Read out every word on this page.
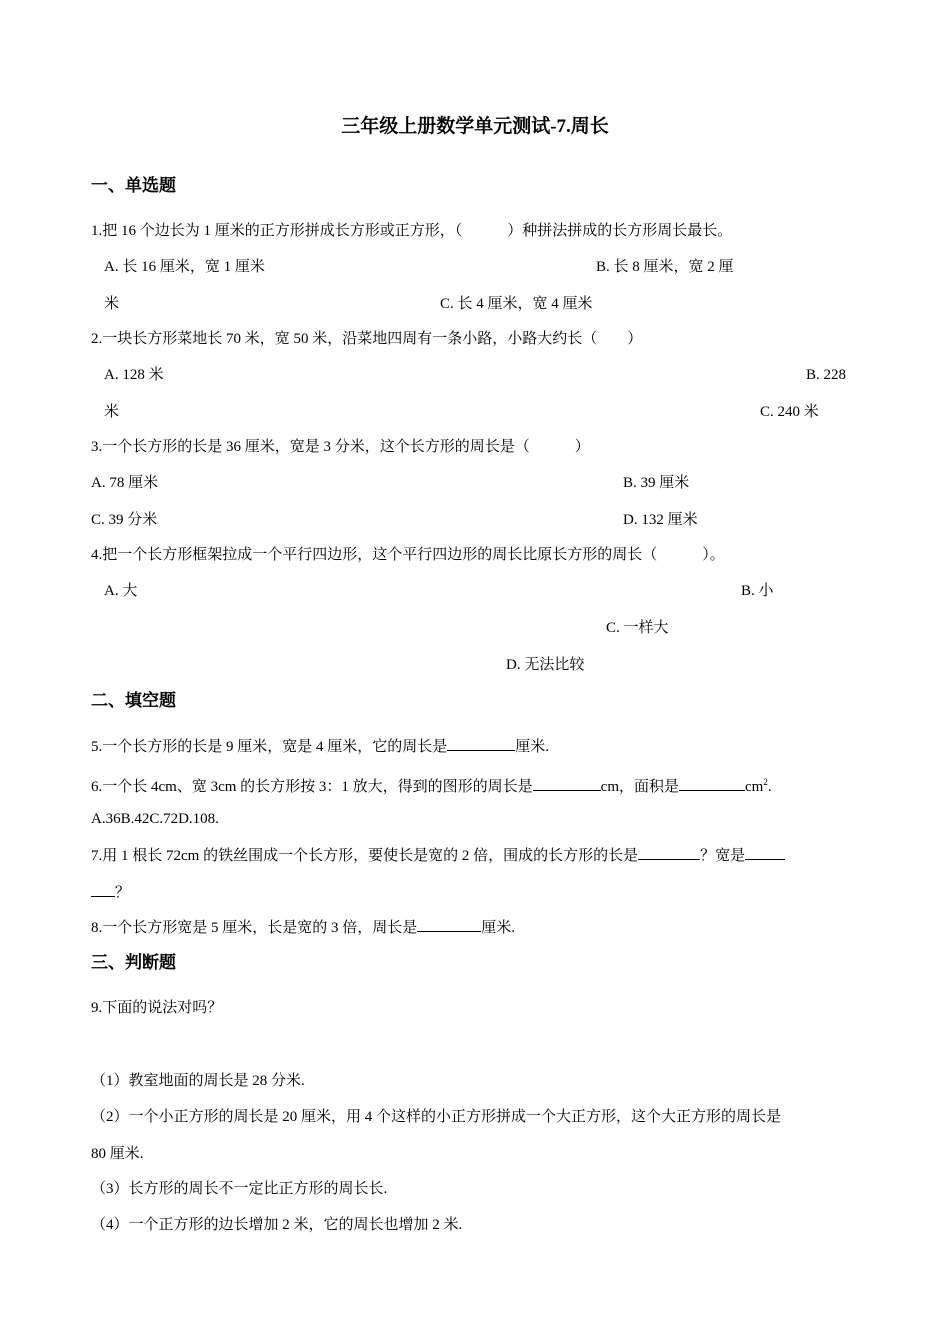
三年级上册数学单元测试-7.周长
一、单选题
1.把 16 个边长为 1 厘米的正方形拼成长方形或正方形，（　　　）种拼法拼成的长方形周长最长。
A. 长 16 厘米，宽 1 厘米	B. 长 8 厘米，宽 2 厘
米	C. 长 4 厘米，宽 4 厘米
2.一块长方形菜地长 70 米，宽 50 米，沿菜地四周有一条小路，小路大约长（　　）
A. 128 米	B. 228
米	C. 240 米
3.一个长方形的长是 36 厘米，宽是 3 分米，这个长方形的周长是（　　　）
A. 78 厘米	B. 39 厘米
C. 39 分米	D. 132 厘米
4.把一个长方形框架拉成一个平行四边形，这个平行四边形的周长比原长方形的周长（　　　）。
A. 大	B. 小
C. 一样大
D. 无法比较
二、填空题
5.一个长方形的长是 9 厘米，宽是 4 厘米，它的周长是	厘米.
6.一个长 4cm、宽 3cm 的长方形按 3：1 放大，得到的图形的周长是	cm，面积是	$cm^2$.
A.36B.42C.72D.108.
7.用 1 根长 72cm 的铁丝围成一个长方形，要使长是宽的 2 倍，围成的长方形的长是	？宽是
？
8.一个长方形宽是 5 厘米，长是宽的 3 倍，周长是	厘米.
三、判断题
9.下面的说法对吗？
（1）教室地面的周长是 28 分米.
（2）一个小正方形的周长是 20 厘米，用 4 个这样的小正方形拼成一个大正方形，这个大正方形的周长是
80 厘米.
（3）长方形的周长不一定比正方形的周长长.
（4）一个正方形的边长增加 2 米，它的周长也增加 2 米.
